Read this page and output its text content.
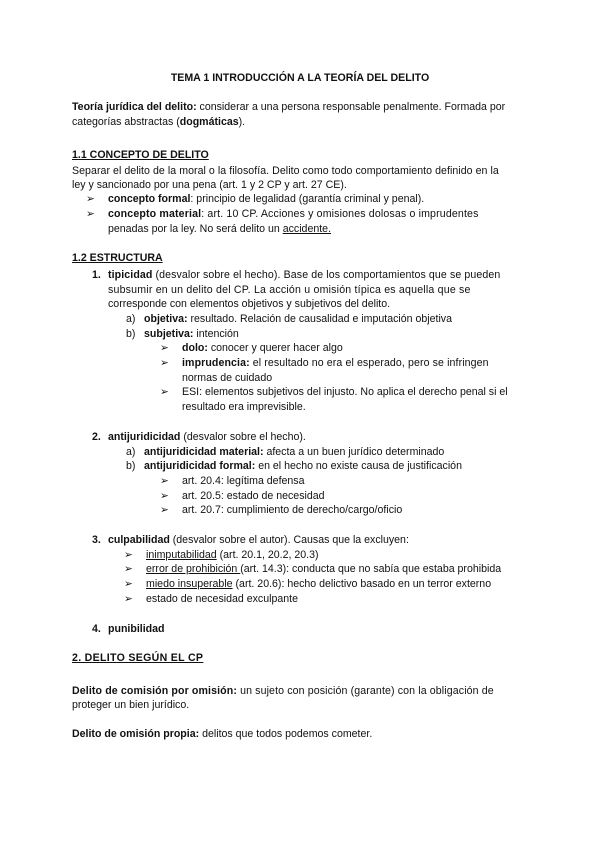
TEMA 1 INTRODUCCIÓN A LA TEORÍA DEL DELITO
Teoría jurídica del delito: considerar a una persona responsable penalmente. Formada por
categorías abstractas (dogmáticas).
1.1 CONCEPTO DE DELITO
Separar el delito de la moral o la filosofía. Delito como todo comportamiento definido en la
ley y sancionado por una pena (art. 1 y 2 CP y art. 27 CE).
➢ concepto formal: principio de legalidad (garantía criminal y penal).
➢ concepto material: art. 10 CP. Acciones y omisiones dolosas o imprudentes
penadas por la ley. No será delito un accidente.
1.2 ESTRUCTURA
1. tipicidad (desvalor sobre el hecho). Base de los comportamientos que se pueden
subsumir en un delito del CP. La acción u omisión típica es aquella que se
corresponde con elementos objetivos y subjetivos del delito.
a) objetiva: resultado. Relación de causalidad e imputación objetiva
b) subjetiva: intención
➢ dolo: conocer y querer hacer algo
➢ imprudencia: el resultado no era el esperado, pero se infringen
normas de cuidado
➢ ESI: elementos subjetivos del injusto. No aplica el derecho penal si el
resultado era imprevisible.
2. antijuridicidad (desvalor sobre el hecho).
a) antijuridicidad material: afecta a un buen jurídico determinado
b) antijuridicidad formal: en el hecho no existe causa de justificación
➢ art. 20.4: legítima defensa
➢ art. 20.5: estado de necesidad
➢ art. 20.7: cumplimiento de derecho/cargo/oficio
3. culpabilidad (desvalor sobre el autor). Causas que la excluyen:
➢ inimputabilidad (art. 20.1, 20.2, 20.3)
➢ error de prohibición (art. 14.3): conducta que no sabía que estaba prohibida
➢ miedo insuperable (art. 20.6): hecho delictivo basado en un terror externo
➢ estado de necesidad exculpante
4. punibilidad
2. DELITO SEGÚN EL CP
Delito de comisión por omisión: un sujeto con posición (garante) con la obligación de
proteger un bien jurídico.
Delito de omisión propia: delitos que todos podemos cometer.
